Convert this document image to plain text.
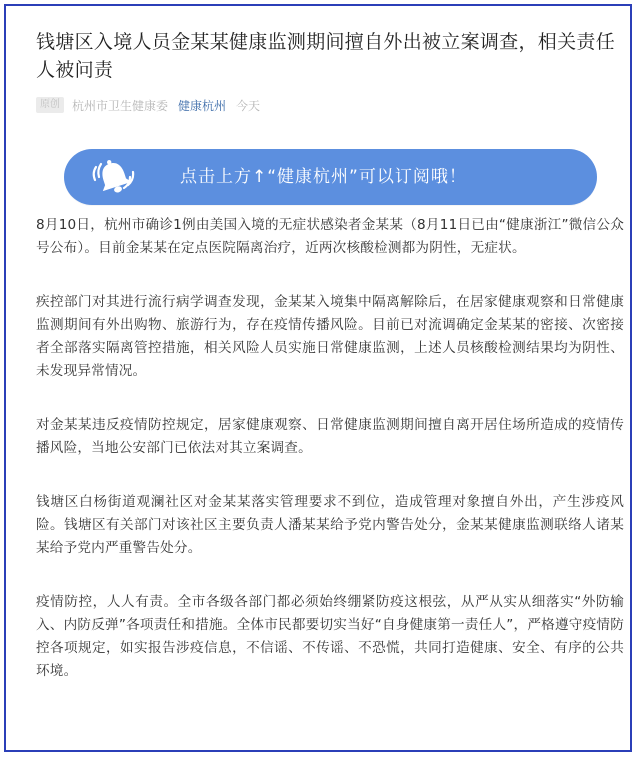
钱塘区入境人员金某某健康监测期间擅自外出被立案调查，相关责任人被问责
原创	杭州市卫生健康委 健康杭州 今天
点击上方↑“健康杭州”可以订阅哦！

8月10日，杭州市确诊1例由美国入境的无症状感染者金某某（8月11日已由“健康浙江”微信公众号公布）。目前金某某在定点医院隔离治疗，近两次核酸检测都为阴性，无症状。

疾控部门对其进行流行病学调查发现，金某某入境集中隔离解除后，在居家健康观察和日常健康监测期间有外出购物、旅游行为，存在疫情传播风险。目前已对流调确定金某某的密接、次密接者全部落实隔离管控措施，相关风险人员实施日常健康监测，上述人员核酸检测结果均为阴性、未发现异常情况。

对金某某违反疫情防控规定，居家健康观察、日常健康监测期间擅自离开居住场所造成的疫情传播风险，当地公安部门已依法对其立案调查。

钱塘区白杨街道观澜社区对金某某落实管理要求不到位，造成管理对象擅自外出，产生涉疫风险。钱塘区有关部门对该社区主要负责人潘某某给予党内警告处分，金某某健康监测联络人诸某某给予党内严重警告处分。

疫情防控，人人有责。全市各级各部门都必须始终绷紧防疫这根弦，从严从实从细落实“外防输入、内防反弹”各项责任和措施。全体市民都要切实当好“自身健康第一责任人”，严格遵守疫情防控各项规定，如实报告涉疫信息，不信谣、不传谣、不恐慌，共同打造健康、安全、有序的公共环境。
